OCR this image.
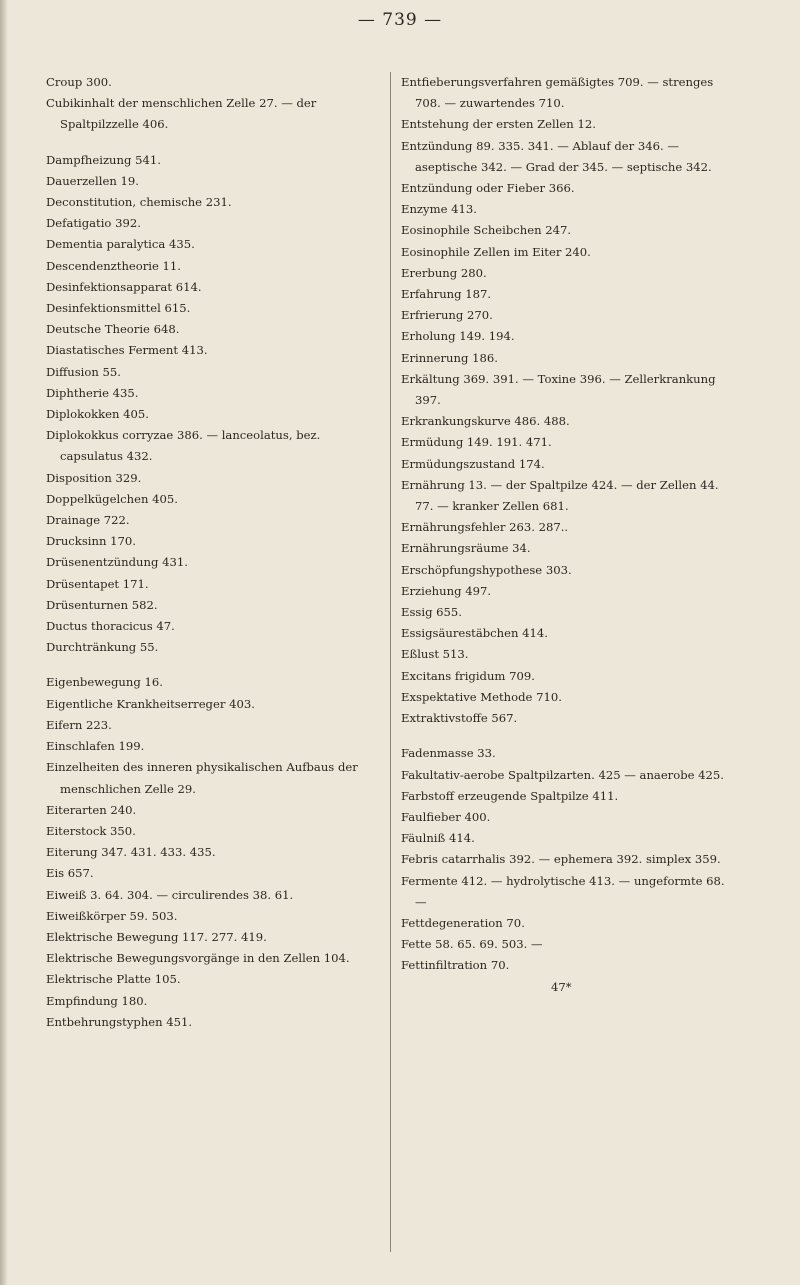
— 739 —

Croup 300.

Cubikinhalt der menschlichen Zelle 27. — der Spaltpilzzelle 406.

Dampfheizung 541.

Dauerzellen 19.

Deconstitution, chemische 231.

Defatigatio 392.

Dementia paralytica 435.

Descendenztheorie 11.

Desinfektionsapparat 614.

Desinfektionsmittel 615.

Deutsche Theorie 648.

Diastatisches Ferment 413.

Diffusion 55.

Diphtherie 435.

Diplokokken 405.

Diplokokkus corryzae 386. — lanceolatus, bez. capsulatus 432.

Disposition 329.

Doppelkügelchen 405.

Drainage 722.

Drucksinn 170.

Drüsenentzündung 431.

Drüsentapet 171.

Drüsenturnen 582.

Ductus thoracicus 47.

Durchtränkung 55.

Eigenbewegung 16.

Eigentliche Krankheitserreger 403.

Eifern 223.

Einschlafen 199.

Einzelheiten des inneren physikalischen Aufbaus der menschlichen Zelle 29.

Eiterarten 240.

Eiterstock 350.

Eiterung 347. 431. 433. 435.

Eis 657.

Eiweiß 3. 64. 304. — circulirendes 38. 61.

Eiweißkörper 59. 503.

Elektrische Bewegung 117. 277. 419.

Elektrische Bewegungsvorgänge in den Zellen 104.

Elektrische Platte 105.

Empfindung 180.

Entbehrungstyphen 451.

Entfieberungsverfahren gemäßigtes 709. — strenges 708. — zuwartendes 710.

Entstehung der ersten Zellen 12.

Entzündung 89. 335. 341. — Ablauf der 346. — aseptische 342. — Grad der 345. — septische 342.

Entzündung oder Fieber 366.

Enzyme 413.

Eosinophile Scheibchen 247.

Eosinophile Zellen im Eiter 240.

Ererbung 280.

Erfahrung 187.

Erfrierung 270.

Erholung 149. 194.

Erinnerung 186.

Erkältung 369. 391. — Toxine 396. — Zellerkrankung 397.

Erkrankungskurve 486. 488.

Ermüdung 149. 191. 471.

Ermüdungszustand 174.

Ernährung 13. — der Spaltpilze 424. — der Zellen 44. 77. — kranker Zellen 681.

Ernährungsfehler 263. 287..

Ernährungsräume 34.

Erschöpfungshypothese 303.

Erziehung 497.

Essig 655.

Essigsäurestäbchen 414.

Eßlust 513.

Excitans frigidum 709.

Exspektative Methode 710.

Extraktivstoffe 567.

Fadenmasse 33.

Fakultativ-aerobe Spaltpilzarten. 425 — anaerobe 425.

Farbstoff erzeugende Spaltpilze 411.

Faulfieber 400.

Fäulniß 414.

Febris catarrhalis 392. — ephemera 392. simplex 359.

Fermente 412. — hydrolytische 413. — ungeformte 68. —

Fettdegeneration 70.

Fette 58. 65. 69. 503. —

Fettinfiltration 70.

47*
